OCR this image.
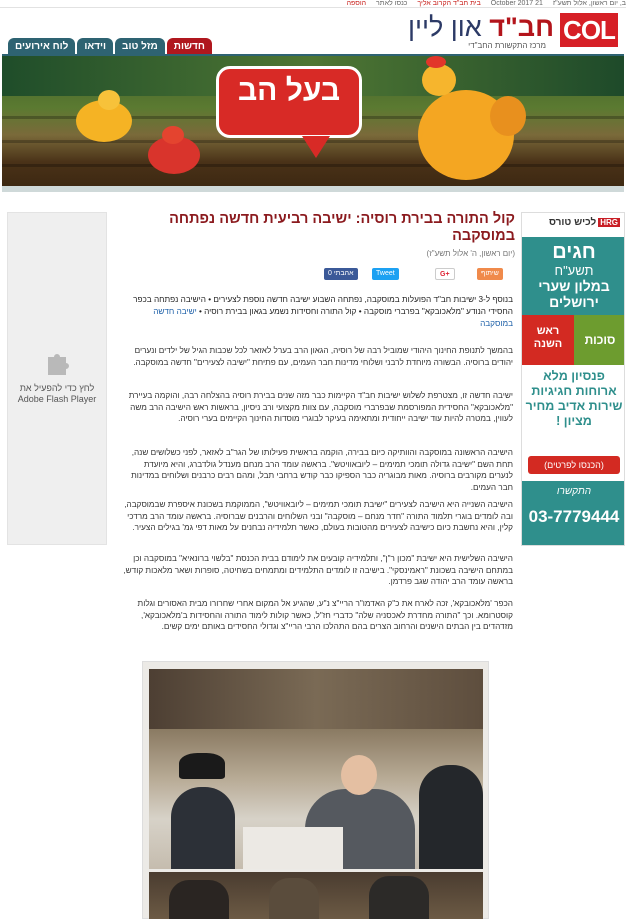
ב, יום ראשון, אלול תשע"ז 21 October 2017 בית חב"ד הקרוב אליך כנסו לאתר הוספה
COL
חב"ד און ליין
מרכז התקשורת החב"די
לוח אירועים	וידאו	מזל טוב	חדשות
בעל הב
לחץ כדי להפעיל את Adobe Flash Player
קול התורה בבירת רוסיה: ישיבה רביעית חדשה נפתחה במוסקבה
(יום ראשון, ה' אלול תשע"ז)
שיתוף
G+
Tweet
0 אהבתי
בנוסף ל-3 ישיבות חב"ד הפועלות במוסקבה, נפתחה השבוע ישיבה חדשה נוספת לצעירים • הישיבה נפתחה בכפר החסידי הנודע "מלאכובקא" בפרברי מוסקבה • קול התורה וחסידות נשמע בגאון בבירת רוסיה • ישיבה חדשה במוסקבה
בהמשך לתנופת החינוך היהודי שמוביל רבה של רוסיה, הגאון הרב בערל לאזאר לכל שכבות הגיל של ילדים ונערים יהודים ברוסיה. הבשורה מיוחדת לרבני ושלוחי מדינות חבר העמים, עם פתיחת "ישיבה לצעירים" חדשה במוסקבה.
ישיבה חדשה זו, מצטרפת לשלוש ישיבות חב"ד הקיימות כבר מזה שנים בבירת רוסיה בהצלחה רבה, והוקמה בעיירת "מלאכובקא" החסידית המפורסמת שבפרברי מוסקבה, עם צוות מקצועי ורב ניסיון, בראשות ראש הישיבה הרב משה לעווין, במטרה להיות עוד ישיבה ייחודית ומתאימה בעיקר לבוגרי מוסדות החינוך הקיימים בערי רוסיה.
הישיבה הראשונה במוסקבה והוותיקה כיום בבירה, הוקמה בראשית פעילותו של הגר"ב לאזאר, לפני כשלושים שנה, תחת השם "ישיבה גדולה תומכי תמימים – ליובאוויטש". בראשה עומד הרב מנחם מענדל גולדברג, והיא מיועדת לנערים מקורבים ברוסיה. מאות מבוגריה כבר הספיקו כבר קודש ברחבי תבל, ומהם רבים כרבנים ושלוחים במדינות חבר העמים.
הישיבה השנייה היא הישיבה לצעירים "ישיבת תומכי תמימים – ליובאוויטש", הממוקמת בשכונת איספרת שבמוסקבה, ובה לומדים בוגרי תלמוד התורה "חדר מנחם – מוסקבה" ובני השלוחים והרבנים שברוסיה. בראשה עומד הרב מרדכי קלין, והיא נחשבת כיום כישיבה לצעירים מהטובות בעולם, כאשר תלמידיה נבחנים על מאות דפי גמ' בגילים הצעיר.
הישיבה השלישית היא ישיבת "מכון ר"ן", ותלמידיה קובעים את לימודם בבית הכנסת "בלשוי ברונאיא" במוסקבה וכן במתחם הישיבה בשכונת "ראמינסקי". בישיבה זו לומדים התלמידים ומתמחים בשחיטה, סופרות ושאר מלאכות קודש, בראשה עומד הרב יהודה שגב פרדמן.
הכפר 'מלאכובקא', זכה לארח את כ"ק האדמו"ר הריי"צ נ"ע, שהגיע אל המקום אחרי שחרורו מבית האסורים וגלות קוסטרומא. וכך "התורה מחדרת לאכסניה שלה" כדברי חז"ל, כאשר קולות לימוד התורה והחסידות ב'מלאכובקא', מזדהדים בין הבתים הישנים והרחוב הצרים בהם התהלכו הרבי הריי"צ וגדולי החסידים באותם ימים קשים.
HRGלכיש טורס
חגים
תשע"ח
במלון שערי ירושלים
סוכות
ראש השנה
פנסיון מלא ארוחות חגיגיות שירות אדיב מחיר מציון !
(הכנסו לפרטים)
התקשרו
03-7779444
